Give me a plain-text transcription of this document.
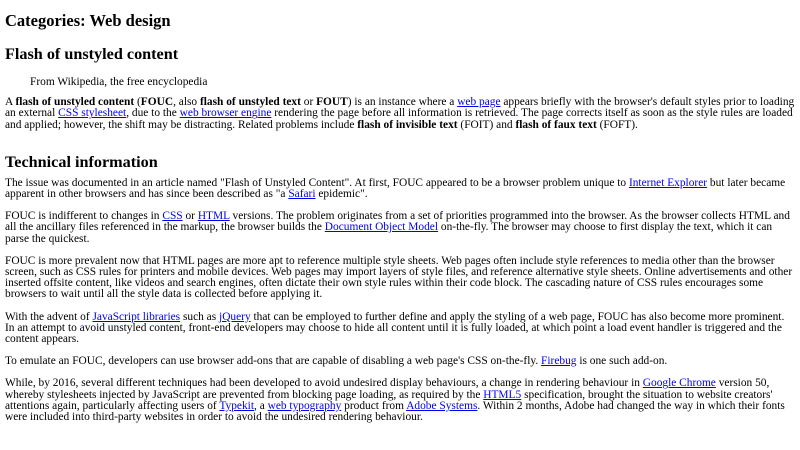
Categories: Web design
Flash of unstyled content
From Wikipedia, the free encyclopedia

A flash of unstyled content (FOUC, also flash of unstyled text or FOUT) is an instance where a web page appears briefly with the browser's default styles prior to loading an external CSS stylesheet, due to the web browser engine rendering the page before all information is retrieved. The page corrects itself as soon as the style rules are loaded and applied; however, the shift may be distracting. Related problems include flash of invisible text (FOIT) and flash of faux text (FOFT).

Technical information

The issue was documented in an article named "Flash of Unstyled Content". At first, FOUC appeared to be a browser problem unique to Internet Explorer but later became apparent in other browsers and has since been described as "a Safari epidemic".

FOUC is indifferent to changes in CSS or HTML versions. The problem originates from a set of priorities programmed into the browser. As the browser collects HTML and all the ancillary files referenced in the markup, the browser builds the Document Object Model on-the-fly. The browser may choose to first display the text, which it can parse the quickest.

FOUC is more prevalent now that HTML pages are more apt to reference multiple style sheets. Web pages often include style references to media other than the browser screen, such as CSS rules for printers and mobile devices. Web pages may import layers of style files, and reference alternative style sheets. Online advertisements and other inserted offsite content, like videos and search engines, often dictate their own style rules within their code block. The cascading nature of CSS rules encourages some browsers to wait until all the style data is collected before applying it.

With the advent of JavaScript libraries such as jQuery that can be employed to further define and apply the styling of a web page, FOUC has also become more prominent. In an attempt to avoid unstyled content, front-end developers may choose to hide all content until it is fully loaded, at which point a load event handler is triggered and the content appears.

To emulate an FOUC, developers can use browser add-ons that are capable of disabling a web page's CSS on-the-fly. Firebug is one such add-on.

While, by 2016, several different techniques had been developed to avoid undesired display behaviours, a change in rendering behaviour in Google Chrome version 50, whereby stylesheets injected by JavaScript are prevented from blocking page loading, as required by the HTML5 specification, brought the situation to website creators' attentions again, particularly affecting users of Typekit, a web typography product from Adobe Systems. Within 2 months, Adobe had changed the way in which their fonts were included into third-party websites in order to avoid the undesired rendering behaviour.
